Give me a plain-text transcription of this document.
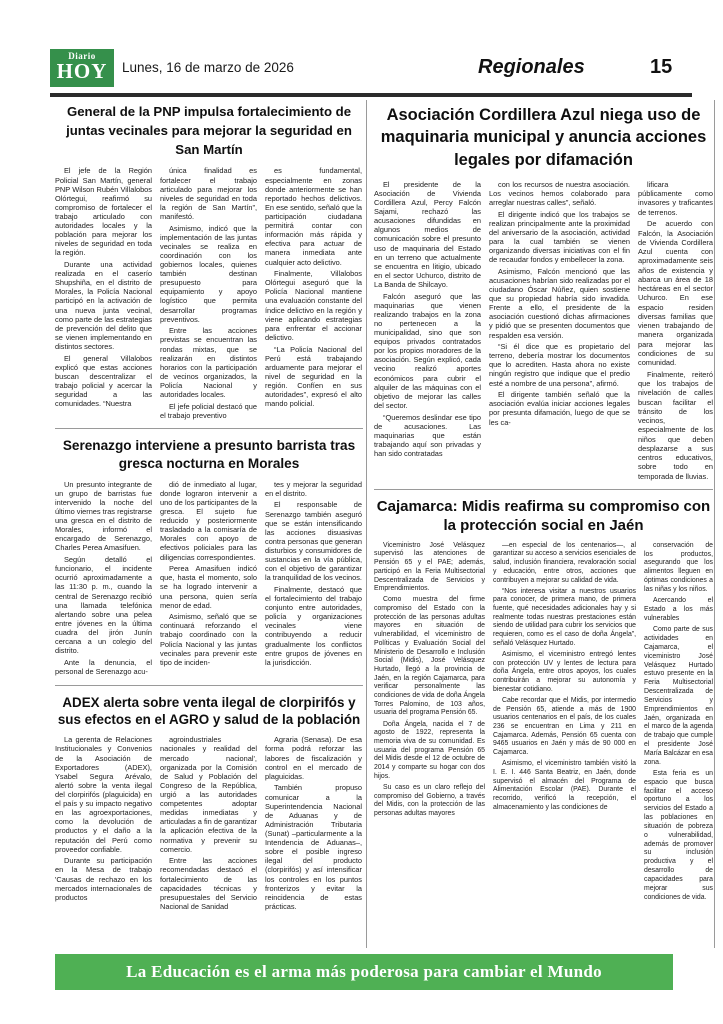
Diario
HOY	Lunes, 16 de marzo de 2026	Regionales	15
General de la PNP impulsa fortalecimiento de juntas vecinales para mejorar la seguridad en San Martín

El jefe de la Región Policial San Martín, general PNP Wilson Rubén Villalobos Olórtegui, reafirmó su compromiso de fortalecer el trabajo articulado con autoridades locales y la población para mejorar los niveles de seguridad en toda la región.

Durante una actividad realizada en el caserío Shupshiña, en el distrito de Morales, la Policía Nacional participó en la activación de una nueva junta vecinal, como parte de las estrategias de prevención del delito que se vienen implementando en distintos sectores.

El general Villalobos explicó que estas acciones buscan descentralizar el trabajo policial y acercar la seguridad a las comunidades. “Nuestra

única finalidad es fortalecer el trabajo articulado para mejorar los niveles de seguridad en toda la región de San Martín”, manifestó.

Asimismo, indicó que la implementación de las juntas vecinales se realiza en coordinación con los gobiernos locales, quienes también destinan presupuesto para equipamiento y apoyo logístico que permita desarrollar programas preventivos.

Entre las acciones previstas se encuentran las rondas mixtas, que se realizarán en distintos horarios con la participación de vecinos organizados, la Policía Nacional y autoridades locales.

El jefe policial destacó que el trabajo preventivo

es fundamental, especialmente en zonas donde anteriormente se han reportado hechos delictivos. En ese sentido, señaló que la participación ciudadana permitirá contar con información más rápida y efectiva para actuar de manera inmediata ante cualquier acto delictivo.

Finalmente, Villalobos Olórtegui aseguró que la Policía Nacional mantiene una evaluación constante del índice delictivo en la región y viene aplicando estrategias para enfrentar el accionar delictivo.

“La Policía Nacional del Perú está trabajando arduamente para mejorar el nivel de seguridad en la región. Confíen en sus autoridades”, expresó el alto mando policial.

Serenazgo interviene a presunto barrista tras gresca nocturna en Morales

Un presunto integrante de un grupo de barristas fue intervenido la noche del último viernes tras registrarse una gresca en el distrito de Morales, informó el encargado de Serenazgo, Charles Perea Amasifuen.

Según detalló el funcionario, el incidente ocurrió aproximadamente a las 11:30 p. m., cuando la central de Serenazgo recibió una llamada telefónica alertando sobre una pelea entre jóvenes en la última cuadra del jirón Junín cercana a un colegio del distrito.

Ante la denuncia, el personal de Serenazgo acu-

dió de inmediato al lugar, donde lograron intervenir a uno de los participantes de la gresca. El sujeto fue reducido y posteriormente trasladado a la comisaría de Morales con apoyo de efectivos policiales para las diligencias correspondientes.

Perea Amasifuen indicó que, hasta el momento, solo se ha logrado intervenir a una persona, quien sería menor de edad.

Asimismo, señaló que se continuará reforzando el trabajo coordinado con la Policía Nacional y las juntas vecinales para prevenir este tipo de inciden-

tes y mejorar la seguridad en el distrito.

El responsable de Serenazgo también aseguró que se están intensificando las acciones disuasivas contra personas que generan disturbios y consumidores de sustancias en la vía pública, con el objetivo de garantizar la tranquilidad de los vecinos.

Finalmente, destacó que el fortalecimiento del trabajo conjunto entre autoridades, policía y organizaciones vecinales viene contribuyendo a reducir gradualmente los conflictos entre grupos de jóvenes en la jurisdicción.

ADEX alerta sobre venta ilegal de clorpirifós y sus efectos en el AGRO y salud de la población

La gerenta de Relaciones Institucionales y Convenios de la Asociación de Exportadores (ADEX), Ysabel Segura Arévalo, alertó sobre la venta ilegal del clorpirifós (plaguicida) en el país y su impacto negativo en las agroexportaciones, como la devolución de productos y el daño a la reputación del Perú como proveedor confiable.

Durante su participación en la Mesa de trabajo 'Causas de rechazo en los mercados internacionales de productos

agroindustriales nacionales y realidad del mercado nacional', organizada por la Comisión de Salud y Población del Congreso de la República, urgió a las autoridades competentes adoptar medidas inmediatas y articuladas a fin de garantizar la aplicación efectiva de la normativa y prevenir su comercio.

Entre las acciones recomendadas destacó el fortalecimiento de las capacidades técnicas y presupuestales del Servicio Nacional de Sanidad

Agraria (Senasa). De esa forma podrá reforzar las labores de fiscalización y control en el mercado de plaguicidas.

También propuso comunicar a la Superintendencia Nacional de Aduanas y de Administración Tributaria (Sunat) –particularmente a la Intendencia de Aduanas–, sobre el posible ingreso ilegal del producto (clorpirifós) y así intensificar los controles en los puntos fronterizos y evitar la reincidencia de estas prácticas.

Asociación Cordillera Azul niega uso de maquinaria municipal y anuncia acciones legales por difamación

El presidente de la Asociación de Vivienda Cordillera Azul, Percy Falcón Sajami, rechazó las acusaciones difundidas en algunos medios de comunicación sobre el presunto uso de maquinaria del Estado en un terreno que actualmente se encuentra en litigio, ubicado en el sector Uchurco, distrito de La Banda de Shilcayo.

Falcón aseguró que las maquinarias que vienen realizando trabajos en la zona no pertenecen a la municipalidad, sino que son equipos privados contratados por los propios moradores de la asociación. Según explicó, cada vecino realizó aportes económicos para cubrir el alquiler de las máquinas con el objetivo de mejorar las calles del sector.

“Queremos deslindar ese tipo de acusaciones. Las maquinarias que están trabajando aquí son privadas y han sido contratadas

con los recursos de nuestra asociación. Los vecinos hemos colaborado para arreglar nuestras calles”, señaló.

El dirigente indicó que los trabajos se realizan principalmente ante la proximidad del aniversario de la asociación, actividad para la cual también se vienen organizando diversas iniciativas con el fin de recaudar fondos y embellecer la zona.

Asimismo, Falcón mencionó que las acusaciones habrían sido realizadas por el ciudadano Óscar Núñez, quien sostiene que su propiedad habría sido invadida. Frente a ello, el presidente de la asociación cuestionó dichas afirmaciones y pidió que se presenten documentos que respalden esa versión.

“Si él dice que es propietario del terreno, debería mostrar los documentos que lo acrediten. Hasta ahora no existe ningún registro que indique que el predio esté a nombre de una persona”, afirmó.

El dirigente también señaló que la asociación evalúa iniciar acciones legales por presunta difamación, luego de que se les ca-

lificara públicamente como invasores y traficantes de terrenos.

De acuerdo con Falcón, la Asociación de Vivienda Cordillera Azul cuenta con aproximadamente seis años de existencia y abarca un área de 18 hectáreas en el sector Uchurco. En ese espacio residen diversas familias que vienen trabajando de manera organizada para mejorar las condiciones de su comunidad.

Finalmente, reiteró que los trabajos de nivelación de calles buscan facilitar el tránsito de los vecinos, especialmente de los niños que deben desplazarse a sus centros educativos, sobre todo en temporada de lluvias.

Cajamarca: Midis reafirma su compromiso con la protección social en Jaén

Viceministro José Velásquez supervisó las atenciones de Pensión 65 y el PAE; además, participó en la Feria Multisectorial Descentralizada de Servicios y Emprendimientos.

Como muestra del firme compromiso del Estado con la protección de las personas adultas mayores en situación de vulnerabilidad, el viceministro de Políticas y Evaluación Social del Ministerio de Desarrollo e Inclusión Social (Midis), José Velásquez Hurtado, llegó a la provincia de Jaén, en la región Cajamarca, para verificar personalmente las condiciones de vida de doña Ángela Torres Palomino, de 103 años, usuaria del programa Pensión 65.

Doña Ángela, nacida el 7 de agosto de 1922, representa la memoria viva de su comunidad. Es usuaria del programa Pensión 65 del Midis desde el 12 de octubre de 2014 y comparte su hogar con dos hijos.

Su caso es un claro reflejo del compromiso del Gobierno, a través del Midis, con la protección de las personas adultas mayores

—en especial de los centenarios—, al garantizar su acceso a servicios esenciales de salud, inclusión financiera, revaloración social y educación, entre otros, acciones que contribuyen a mejorar su calidad de vida.

“Nos interesa visitar a nuestros usuarios para conocer, de primera mano, de primera fuente, qué necesidades adicionales hay y si realmente todas nuestras prestaciones están siendo de utilidad para cubrir los servicios que requieren, como es el caso de doña Ángela”, señaló Velásquez Hurtado.

Asimismo, el viceministro entregó lentes con protección UV y lentes de lectura para doña Ángela, entre otros apoyos, los cuales contribuirán a mejorar su autonomía y bienestar cotidiano.

Cabe recordar que el Midis, por intermedio de Pensión 65, atiende a más de 1900 usuarios centenarios en el país, de los cuales 236 se encuentran en Lima y 211 en Cajamarca. Además, Pensión 65 cuenta con 9465 usuarios en Jaén y más de 90 000 en Cajamarca.

Asimismo, el viceministro también visitó la I. E. I. 446 Santa Beatriz, en Jaén, donde supervisó el almacén del Programa de Alimentación Escolar (PAE). Durante el recorrido, verificó la recepción, el almacenamiento y las condiciones de

conservación de los productos, asegurando que los alimentos lleguen en óptimas condiciones a las niñas y los niños.

Acercando el Estado a los más vulnerables

Como parte de sus actividades en Cajamarca, el viceministro José Velásquez Hurtado estuvo presente en la Feria Multisectorial Descentralizada de Servicios y Emprendimientos en Jaén, organizada en el marco de la agenda de trabajo que cumple el presidente José María Balcázar en esa zona.

Esta feria es un espacio que busca facilitar el acceso oportuno a los servicios del Estado a las poblaciones en situación de pobreza o vulnerabilidad, además de promover su inclusión productiva y el desarrollo de capacidades para mejorar sus condiciones de vida.

La Educación es el arma más poderosa para cambiar el Mundo
